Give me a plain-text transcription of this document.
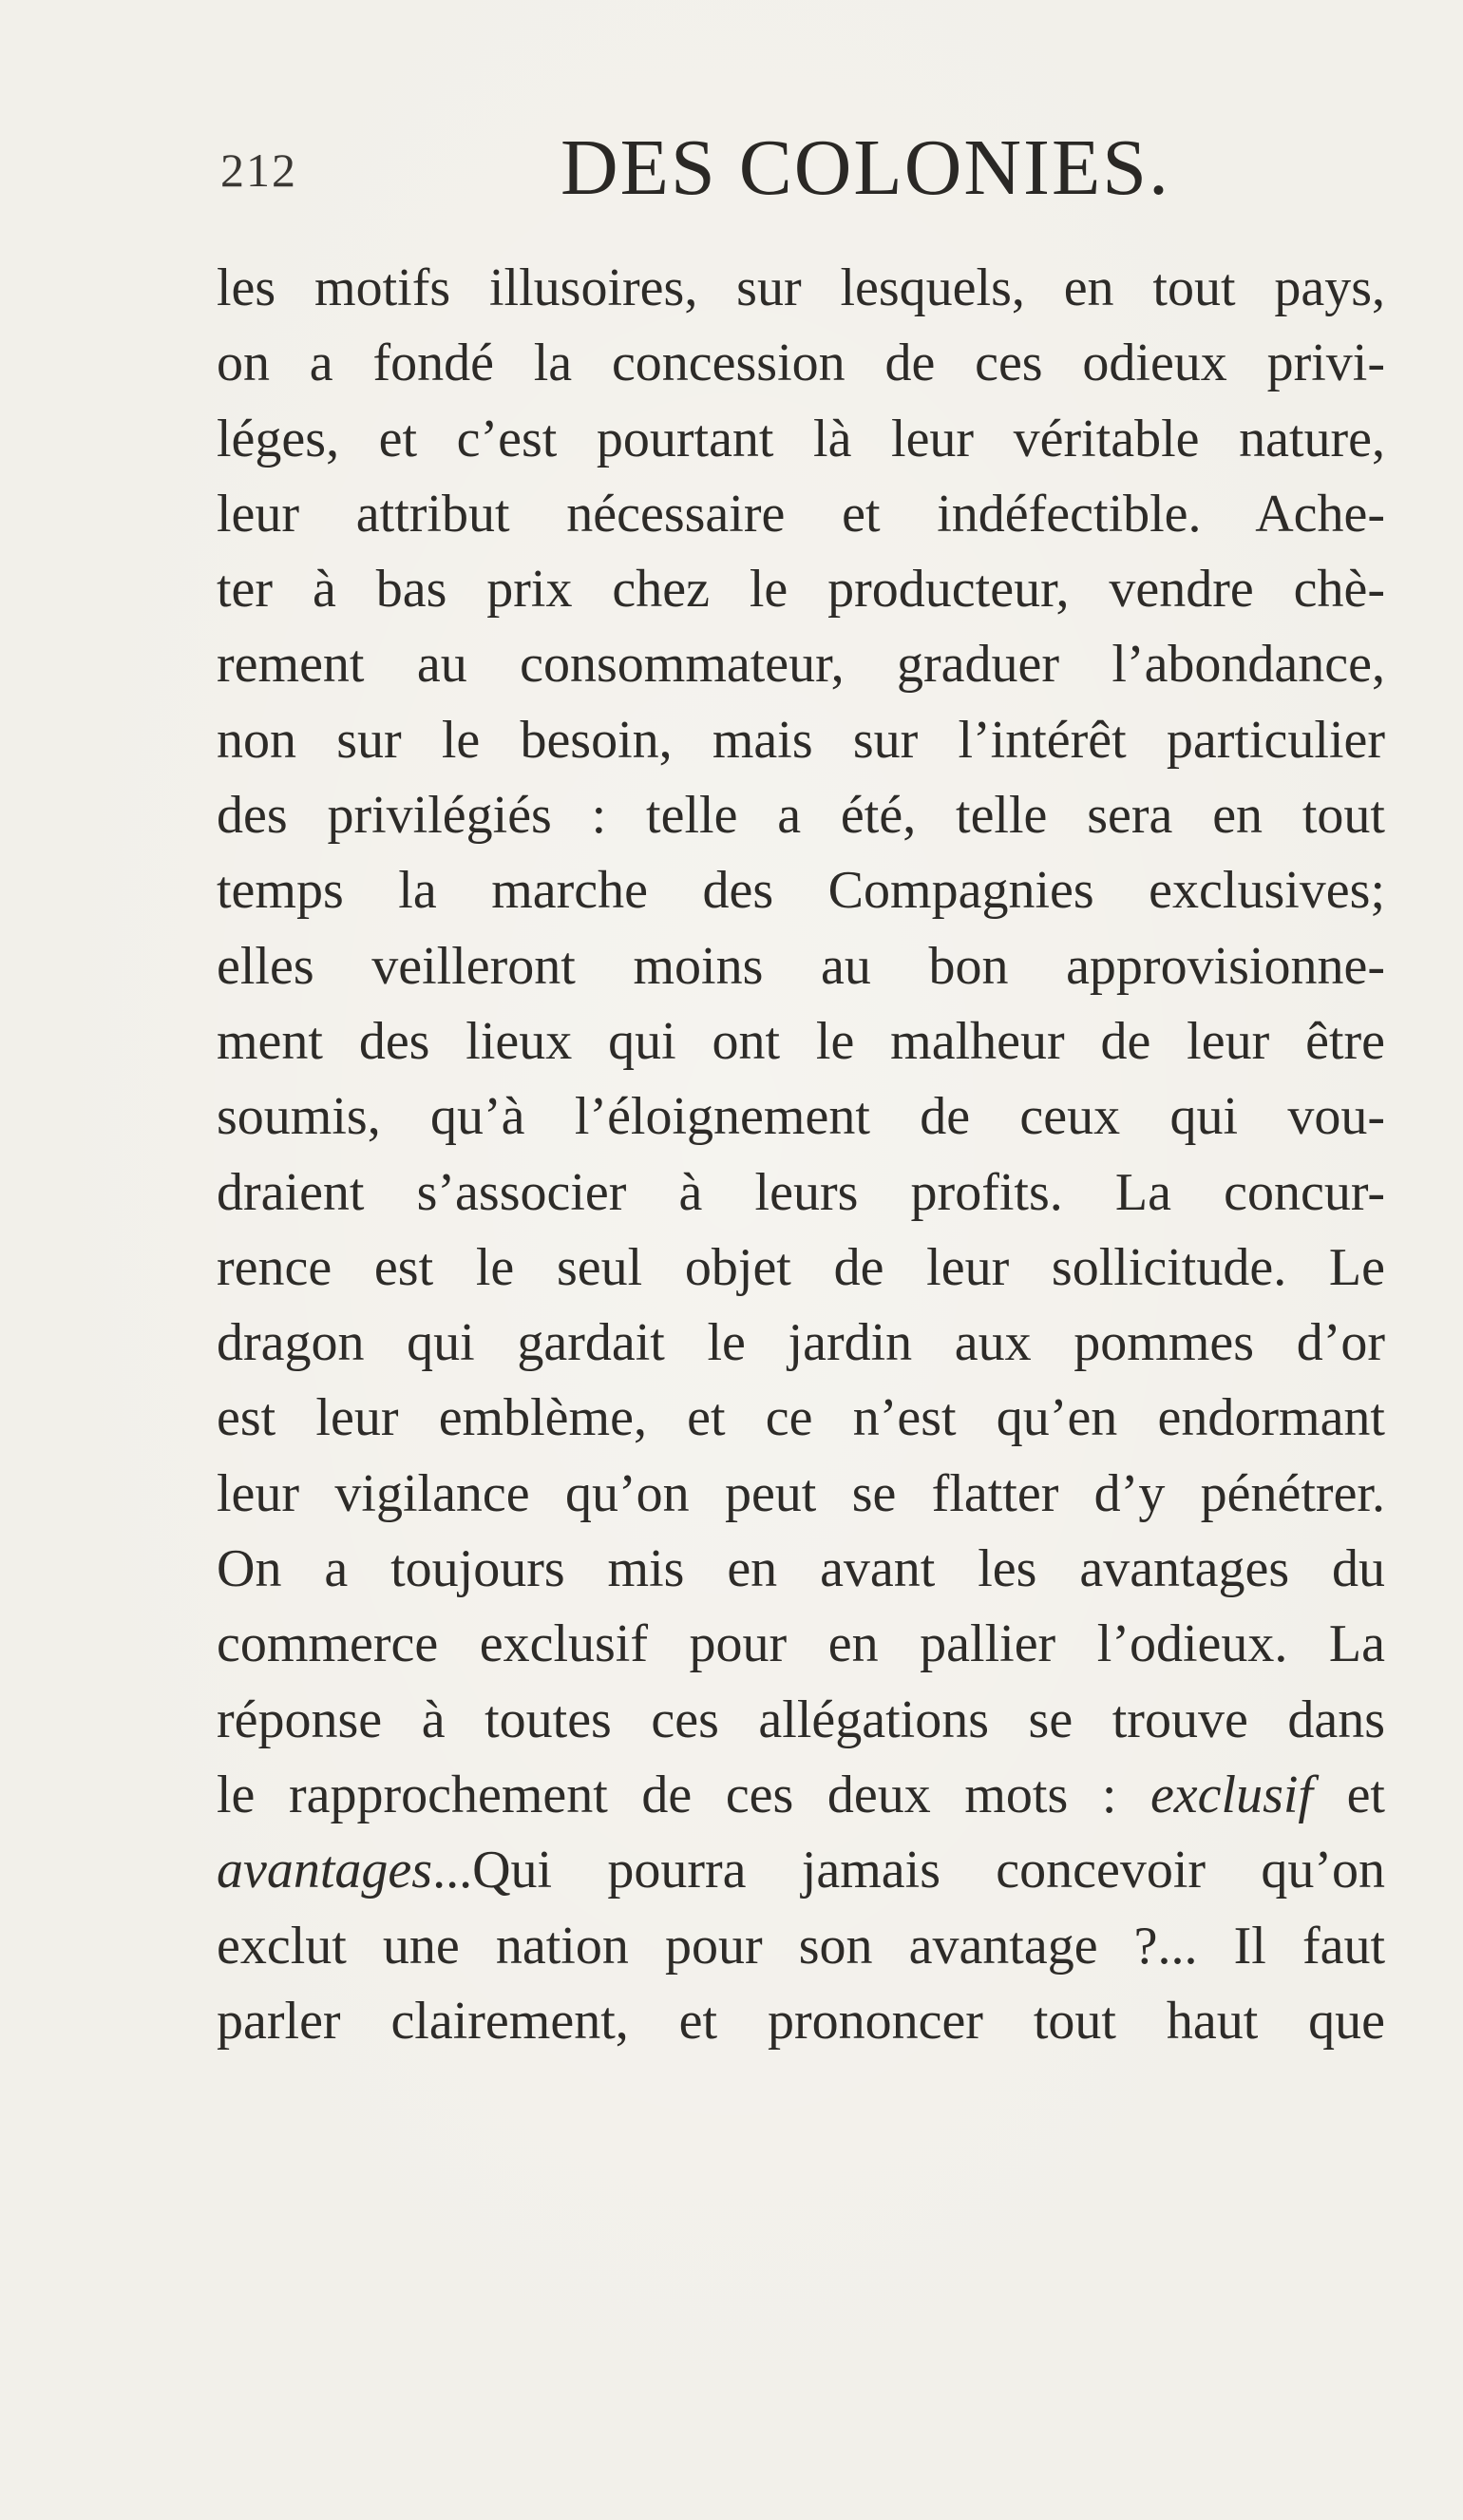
212	DES COLONIES.
les motifs illusoires, sur lesquels, en tout pays,
on a fondé la concession de ces odieux privi-
léges, et c’est pourtant là leur véritable nature,
leur attribut nécessaire et indéfectible. Ache-
ter à bas prix chez le producteur, vendre chè-
rement au consommateur, graduer l’abondance,
non sur le besoin, mais sur l’intérêt particulier
des privilégiés : telle a été, telle sera en tout
temps la marche des Compagnies exclusives;
elles veilleront moins au bon approvisionne-
ment des lieux qui ont le malheur de leur être
soumis, qu’à l’éloignement de ceux qui vou-
draient s’associer à leurs profits. La concur-
rence est le seul objet de leur sollicitude. Le
dragon qui gardait le jardin aux pommes d’or
est leur emblème, et ce n’est qu’en endormant
leur vigilance qu’on peut se flatter d’y pénétrer.
On a toujours mis en avant les avantages du
commerce exclusif pour en pallier l’odieux. La
réponse à toutes ces allégations se trouve dans
le rapprochement de ces deux mots : exclusif et
avantages...Qui pourra jamais concevoir qu’on
exclut une nation pour son avantage ?... Il faut
parler clairement, et prononcer tout haut que
